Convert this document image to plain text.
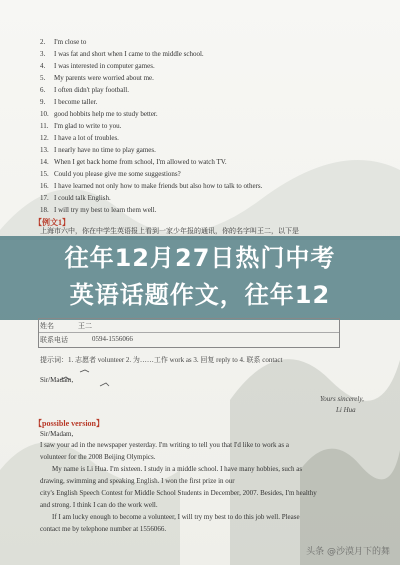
2. I'm close to
3. I was fat and short when I came to the middle school.
4. I was interested in computer games.
5. My parents were worried about me.
6. I often didn't play football.
9. I become taller.
10. good hobbits help me to study better.
11. I'm glad to write to you.
12. I have a lot of troubles.
13. I nearly have no time to play games.
14. When I get back home from school, I'm allowed to watch TV.
15. Could you please give me some suggestions?
16. I have learned not only how to make friends but also how to talk to others.
17. I could talk English.
18. I will try my best to learn them well.
【例文1】
上海市六中，你在中学生英语报上看到一家少年报的通讯，你的名字叫王二，以下是
往年12月27日热门中考
英语话题作文，往年12
姓名	王二
联系电话	0594-1556066
提示词：1. 志愿者 volunteer 2. 为……工作 work as 3. 回复 reply to 4. 联系 contact
Sir/Madam,
Yours sincerely,
Li Hua
【possible version】
Sir/Madam,
I saw your ad in the newspaper yesterday. I'm writing to tell you that I'd like to work as a
volunteer for the 2008 Beijing Olympics.
My name is Li Hua. I'm sixteen. I study in a middle school. I have many hobbies, such as
drawing, swimming and speaking English. I won the first prize in our
city's English Speech Contest for Middle School Students in December, 2007. Besides, I'm healthy
and strong. I think I can do the work well.
If I am lucky enough to become a volunteer, I will try my best to do this job well. Please
contact me by telephone number at 1556066.
头条 @沙漠月下的舞
